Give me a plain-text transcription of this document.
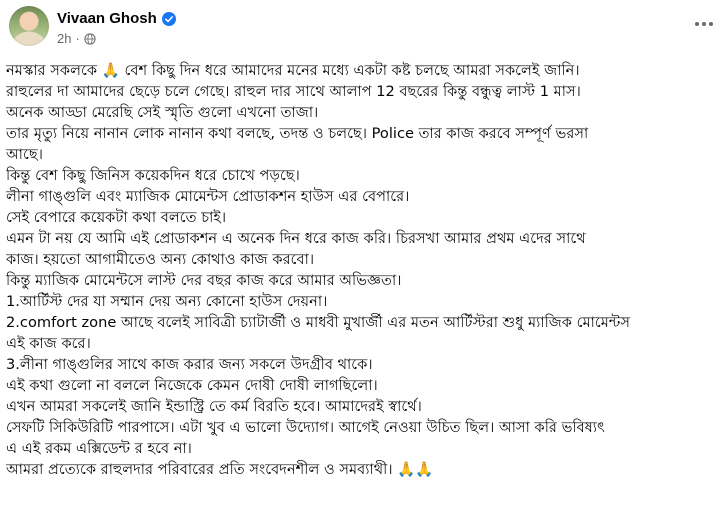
Vivaan Ghosh
2h ·
নমস্কার সকলকে 🙏 বেশ কিছু দিন ধরে আমাদের মনের মধ্যে একটা কষ্ট চলছে আমরা সকলেই জানি।
রাহুলের দা আমাদের ছেড়ে চলে গেছে। রাহুল দার সাথে আলাপ 12 বছরের কিন্তু বন্ধুত্ব লাস্ট 1 মাস।
অনেক আড্ডা মেরেছি সেই স্মৃতি গুলো এখনো তাজা।
তার মৃত্যু নিয়ে নানান লোক নানান কথা বলছে, তদন্ত ও চলছে। Police তার কাজ করবে সম্পূর্ণ ভরসা
আছে।
কিন্তু বেশ কিছু জিনিস কয়েকদিন ধরে চোখে পড়ছে।
লীনা গাঙ্গুলি এবং ম্যাজিক মোমেন্টস প্রোডাকশন হাউস এর বেপারে।
সেই বেপারে কয়েকটা কথা বলতে চাই।
এমন টা নয় যে আমি এই প্রোডাকশন এ অনেক দিন ধরে কাজ করি। চিরসখা আমার প্রথম এদের সাথে
কাজ। হয়তো আগামীতেও অন্য কোথাও কাজ করবো।
কিন্তু ম্যাজিক মোমেন্টসে লাস্ট দের বছর কাজ করে আমার অভিজ্ঞতা।
1.আর্টিস্ট দের যা সম্মান দেয় অন্য কোনো হাউস দেয়না।
2.comfort zone আছে বলেই সাবিত্রী চ্যাটার্জী ও মাধবী মুখার্জী এর মতন আর্টিস্টরা শুধু ম্যাজিক মোমেন্টস
এই কাজ করে।
3.লীনা গাঙ্গুলির সাথে কাজ করার জন্য সকলে উদগ্রীব থাকে।
এই কথা গুলো না বললে নিজেকে কেমন দোষী দোষী লাগছিলো।
এখন আমরা সকলেই জানি ইন্ডাস্ট্রি তে কর্ম বিরতি হবে। আমাদেরই স্বার্থে।
সেফটি সিকিউরিটি পারপাসে। এটা খুব এ ভালো উদ্যোগ। আগেই নেওয়া উচিত ছিল। আসা করি ভবিষ্যৎ
এ এই রকম এক্সিডেন্ট র হবে না।
আমরা প্রত্যেকে রাহুলদার পরিবারের প্রতি সংবেদনশীল ও সমব্যাথী। 🙏🙏
